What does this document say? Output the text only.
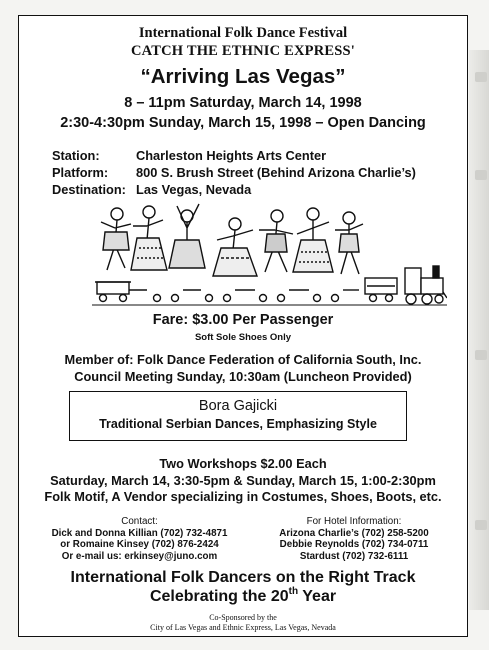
International Folk Dance Festival
CATCH THE ETHNIC EXPRESS'
“Arriving Las Vegas”
8 – 11pm Saturday, March 14, 1998
2:30-4:30pm Sunday, March 15, 1998 – Open Dancing
Station:	Charleston Heights Arts Center
Platform:	800 S. Brush Street (Behind Arizona Charlie’s)
Destination: Las Vegas, Nevada
Fare: $3.00 Per Passenger
Soft Sole Shoes Only
Member of: Folk Dance Federation of California South, Inc.
Council Meeting Sunday, 10:30am (Luncheon Provided)
Bora Gajicki
Traditional Serbian Dances, Emphasizing Style
Two Workshops $2.00 Each
Saturday, March 14, 3:30-5pm & Sunday, March 15, 1:00-2:30pm
Folk Motif, A Vendor specializing in Costumes, Shoes, Boots, etc.
Contact:
Dick and Donna Killian (702) 732-4871
or Romaine Kinsey (702) 876-2424
Or e-mail us: erkinsey@juno.com
For Hotel Information:
Arizona Charlie’s (702) 258-5200
Debbie Reynolds (702) 734-0711
Stardust (702) 732-6111
International Folk Dancers on the Right Track
Celebrating the 20th Year
Co-Sponsored by the
City of Las Vegas and Ethnic Express, Las Vegas, Nevada
